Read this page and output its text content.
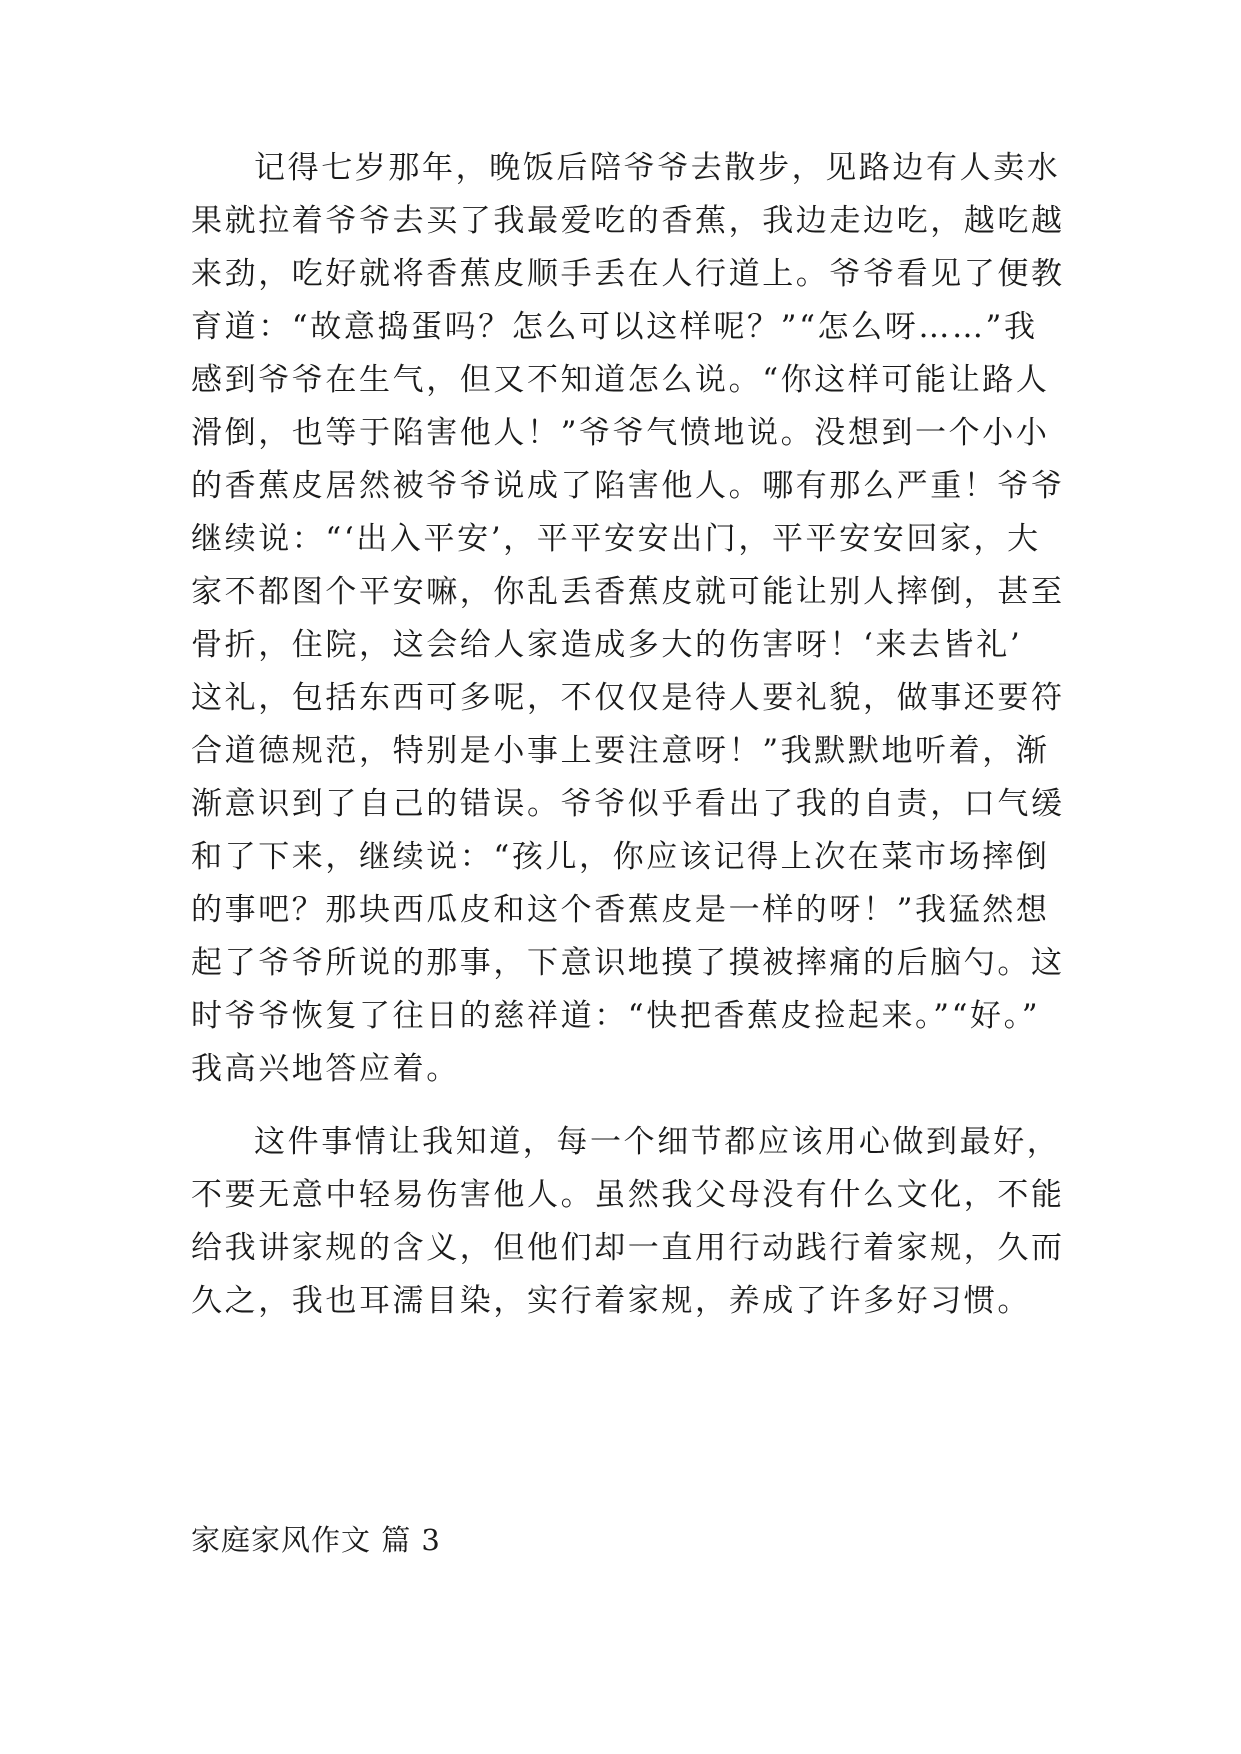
记得七岁那年，晚饭后陪爷爷去散步，见路边有人卖水
果就拉着爷爷去买了我最爱吃的香蕉，我边走边吃，越吃越
来劲，吃好就将香蕉皮顺手丢在人行道上。爷爷看见了便教
育道：“故意捣蛋吗？怎么可以这样呢？”“怎么呀……”我
感到爷爷在生气，但又不知道怎么说。“你这样可能让路人
滑倒，也等于陷害他人！”爷爷气愤地说。没想到一个小小
的香蕉皮居然被爷爷说成了陷害他人。哪有那么严重！爷爷
继续说：“‘出入平安’，平平安安出门，平平安安回家，大
家不都图个平安嘛，你乱丢香蕉皮就可能让别人摔倒，甚至
骨折，住院，这会给人家造成多大的伤害呀！‘来去皆礼’
这礼，包括东西可多呢，不仅仅是待人要礼貌，做事还要符
合道德规范，特别是小事上要注意呀！”我默默地听着，渐
渐意识到了自己的错误。爷爷似乎看出了我的自责，口气缓
和了下来，继续说：“孩儿，你应该记得上次在菜市场摔倒
的事吧？那块西瓜皮和这个香蕉皮是一样的呀！”我猛然想
起了爷爷所说的那事，下意识地摸了摸被摔痛的后脑勺。这
时爷爷恢复了往日的慈祥道：“快把香蕉皮捡起来。”“好。”
我高兴地答应着。
这件事情让我知道，每一个细节都应该用心做到最好，
不要无意中轻易伤害他人。虽然我父母没有什么文化，不能
给我讲家规的含义，但他们却一直用行动践行着家规，久而
久之，我也耳濡目染，实行着家规，养成了许多好习惯。
家庭家风作文 篇 3
